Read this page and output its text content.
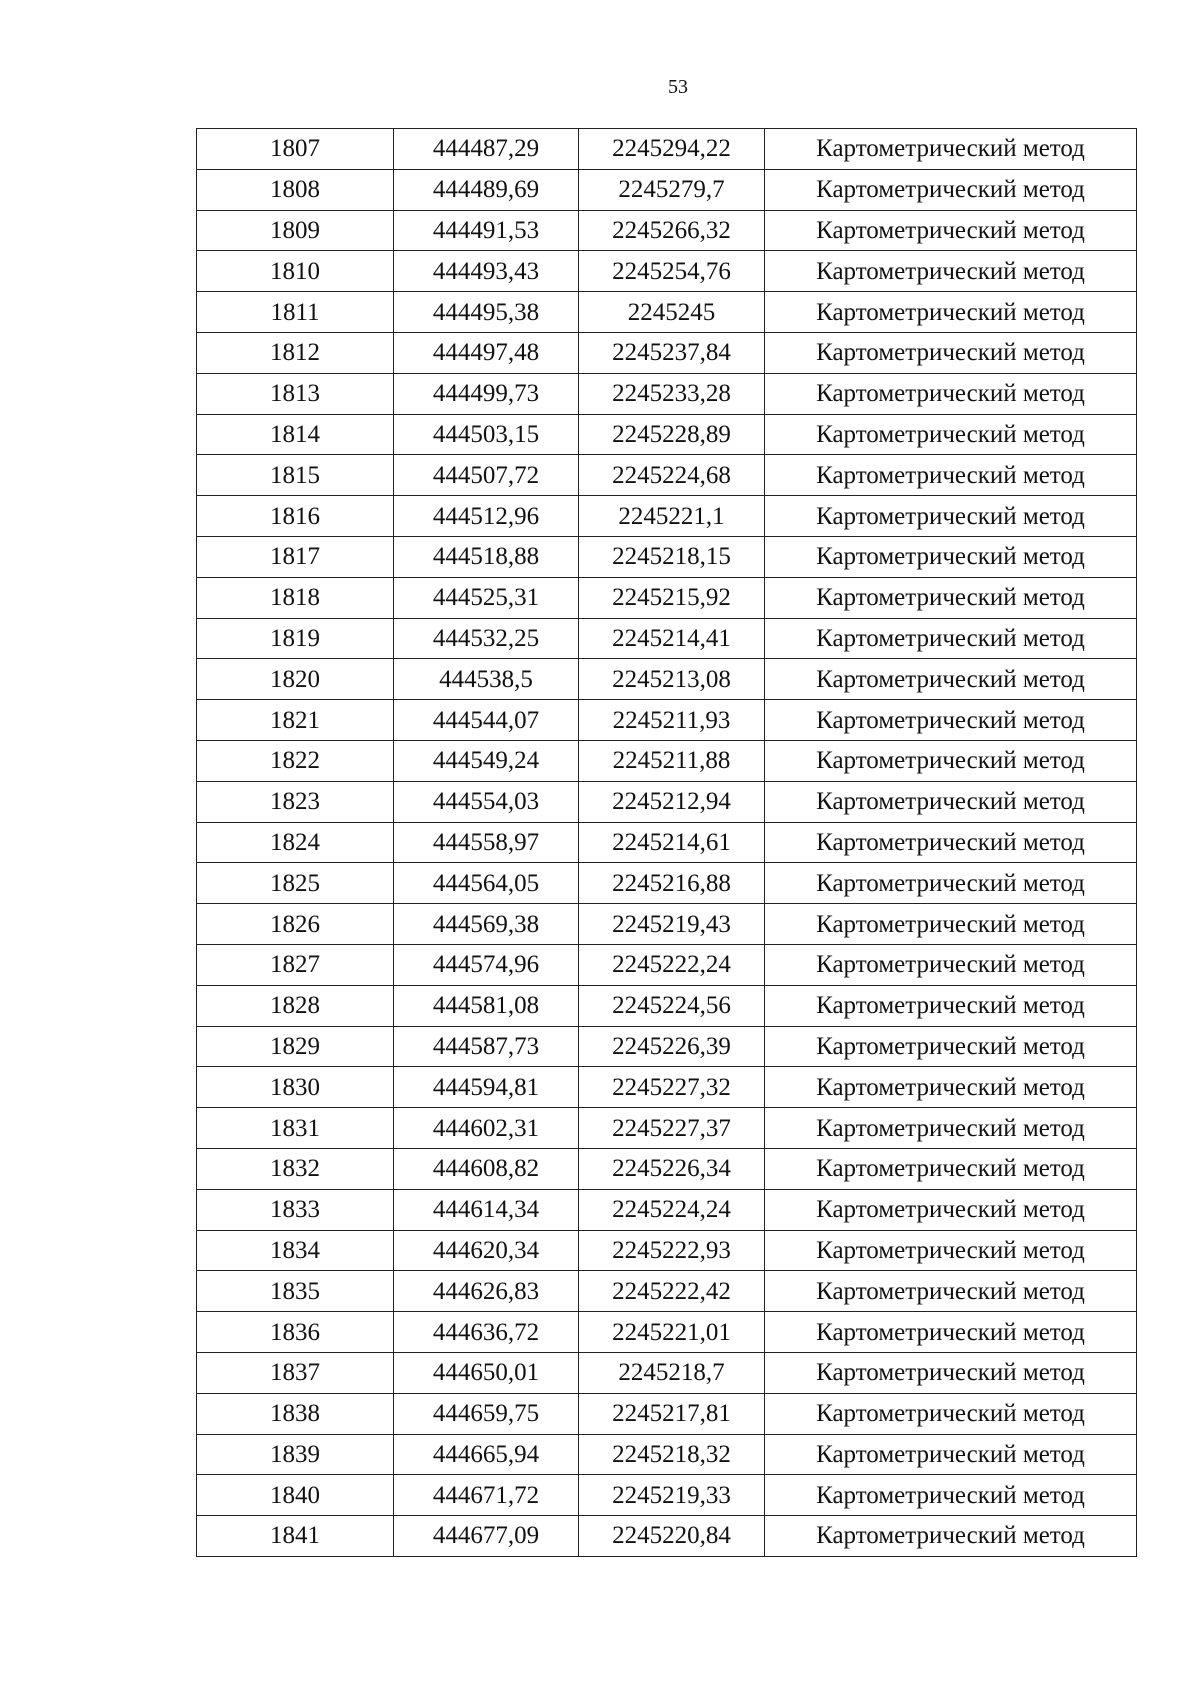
53
1807	444487,29	2245294,22	Картометрический метод
1808	444489,69	2245279,7	Картометрический метод
1809	444491,53	2245266,32	Картометрический метод
1810	444493,43	2245254,76	Картометрический метод
1811	444495,38	2245245	Картометрический метод
1812	444497,48	2245237,84	Картометрический метод
1813	444499,73	2245233,28	Картометрический метод
1814	444503,15	2245228,89	Картометрический метод
1815	444507,72	2245224,68	Картометрический метод
1816	444512,96	2245221,1	Картометрический метод
1817	444518,88	2245218,15	Картометрический метод
1818	444525,31	2245215,92	Картометрический метод
1819	444532,25	2245214,41	Картометрический метод
1820	444538,5	2245213,08	Картометрический метод
1821	444544,07	2245211,93	Картометрический метод
1822	444549,24	2245211,88	Картометрический метод
1823	444554,03	2245212,94	Картометрический метод
1824	444558,97	2245214,61	Картометрический метод
1825	444564,05	2245216,88	Картометрический метод
1826	444569,38	2245219,43	Картометрический метод
1827	444574,96	2245222,24	Картометрический метод
1828	444581,08	2245224,56	Картометрический метод
1829	444587,73	2245226,39	Картометрический метод
1830	444594,81	2245227,32	Картометрический метод
1831	444602,31	2245227,37	Картометрический метод
1832	444608,82	2245226,34	Картометрический метод
1833	444614,34	2245224,24	Картометрический метод
1834	444620,34	2245222,93	Картометрический метод
1835	444626,83	2245222,42	Картометрический метод
1836	444636,72	2245221,01	Картометрический метод
1837	444650,01	2245218,7	Картометрический метод
1838	444659,75	2245217,81	Картометрический метод
1839	444665,94	2245218,32	Картометрический метод
1840	444671,72	2245219,33	Картометрический метод
1841	444677,09	2245220,84	Картометрический метод
